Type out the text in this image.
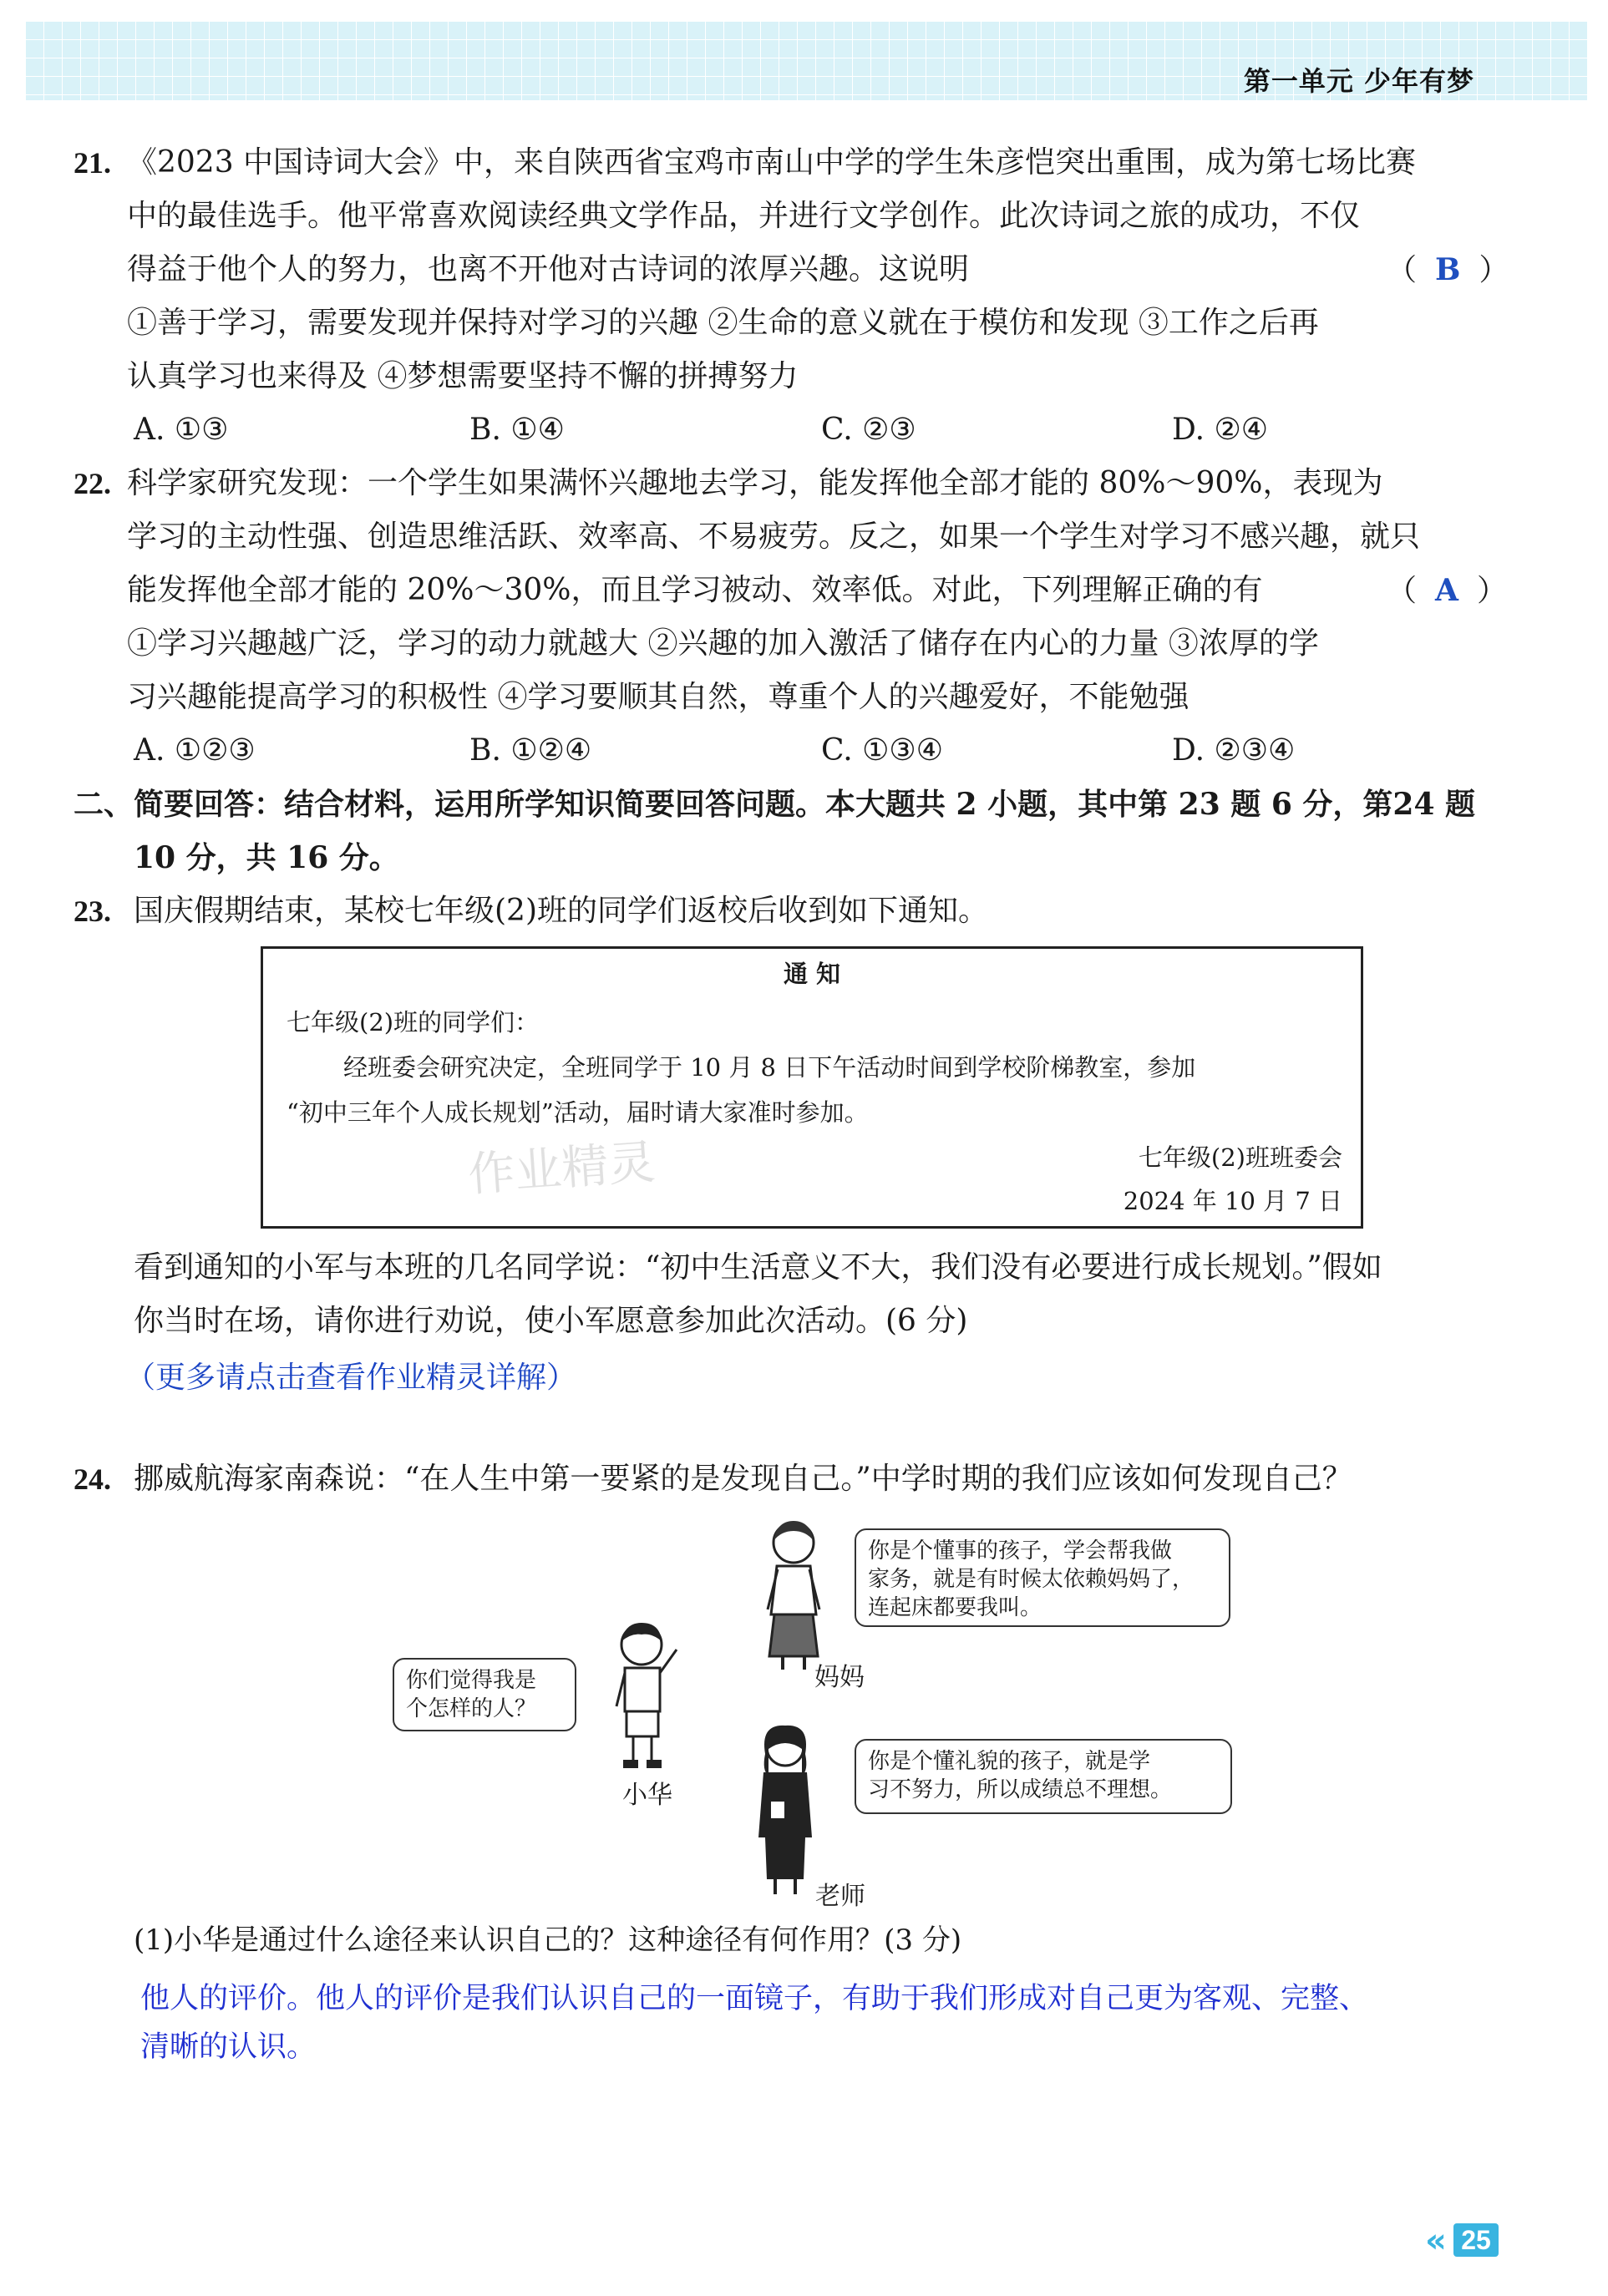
第一单元 少年有梦
21. 《2023 中国诗词大会》中，来自陕西省宝鸡市南山中学的学生朱彦恺突出重围，成为第七场比赛
中的最佳选手。他平常喜欢阅读经典文学作品，并进行文学创作。此次诗词之旅的成功，不仅
得益于他个人的努力，也离不开他对古诗词的浓厚兴趣。这说明	（ B ）
①善于学习，需要发现并保持对学习的兴趣 ②生命的意义就在于模仿和发现 ③工作之后再
认真学习也来得及 ④梦想需要坚持不懈的拼搏努力
A. ①③	B. ①④	C. ②③	D. ②④
22. 科学家研究发现：一个学生如果满怀兴趣地去学习，能发挥他全部才能的 80%～90%，表现为
学习的主动性强、创造思维活跃、效率高、不易疲劳。反之，如果一个学生对学习不感兴趣，就只
能发挥他全部才能的 20%～30%，而且学习被动、效率低。对此，下列理解正确的有	（ A ）
①学习兴趣越广泛，学习的动力就越大 ②兴趣的加入激活了储存在内心的力量 ③浓厚的学
习兴趣能提高学习的积极性 ④学习要顺其自然，尊重个人的兴趣爱好，不能勉强
A. ①②③	B. ①②④	C. ①③④	D. ②③④
二、简要回答：结合材料，运用所学知识简要回答问题。本大题共 2 小题，其中第 23 题 6 分，第24 题
10 分，共 16 分。
23. 国庆假期结束，某校七年级(2)班的同学们返校后收到如下通知。
通 知
七年级(2)班的同学们：
经班委会研究决定，全班同学于 10 月 8 日下午活动时间到学校阶梯教室，参加
“初中三年个人成长规划”活动，届时请大家准时参加。
七年级(2)班班委会
2024 年 10 月 7 日
作业精灵
看到通知的小军与本班的几名同学说：“初中生活意义不大，我们没有必要进行成长规划。”假如
你当时在场，请你进行劝说，使小军愿意参加此次活动。(6 分)
（更多请点击查看作业精灵详解）
24. 挪威航海家南森说：“在人生中第一要紧的是发现自己。”中学时期的我们应该如何发现自己？
你是个懂事的孩子，学会帮我做
家务，就是有时候太依赖妈妈了，
连起床都要我叫。
妈妈
你们觉得我是
个怎样的人？
小华
你是个懂礼貌的孩子，就是学
习不努力，所以成绩总不理想。
老师
(1)小华是通过什么途径来认识自己的？这种途径有何作用？(3 分)
他人的评价。他人的评价是我们认识自己的一面镜子，有助于我们形成对自己更为客观、完整、
清晰的认识。
« 25
